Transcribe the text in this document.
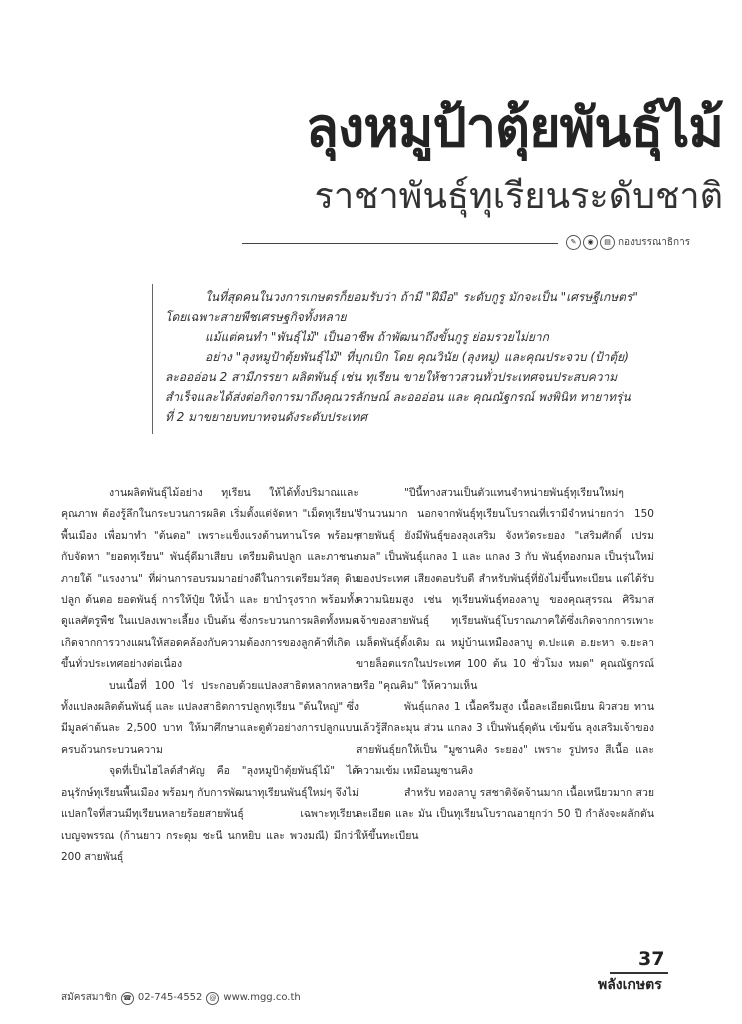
ลุงหมูป้าตุ้ยพันธุ์ไม้
ราชาพันธุ์ทุเรียนระดับชาติ
✎	◉	▤ กองบรรณาธิการ

ในที่สุดคนในวงการเกษตรก็ยอมรับว่า ถ้ามี "ฝีมือ" ระดับกูรู มักจะเป็น "เศรษฐีเกษตร"

โดยเฉพาะสายพืชเศรษฐกิจทั้งหลาย

แม้แต่คนทำ "พันธุ์ไม้" เป็นอาชีพ ถ้าพัฒนาถึงขั้นกูรู ย่อมรวยไม่ยาก

อย่าง "ลุงหมูป้าตุ้ยพันธุ์ไม้" ที่บุกเบิก โดย คุณวินัย (ลุงหมู) และคุณประจวบ (ป้าตุ้ย)

ละอออ่อน 2 สามีภรรยา ผลิตพันธุ์ เช่น ทุเรียน ขายให้ชาวสวนทั่วประเทศจนประสบความ

สำเร็จและได้ส่งต่อกิจการมาถึงคุณวรลักษณ์ ละอออ่อน และ คุณณัฐกรณ์ พงพินิท ทายาทรุ่น

ที่ 2 มาขยายบทบาทจนดังระดับประเทศ

งานผลิตพันธุ์ไม้อย่าง ทุเรียน ให้ได้ทั้งปริมาณและคุณภาพ ต้องรู้ลึกในกระบวนการผลิต เริ่มตั้งแต่จัดหา "เม็ดทุเรียน" พื้นเมือง เพื่อมาทำ "ต้นตอ" เพราะแข็งแรงต้านทานโรค พร้อมๆ กับจัดหา "ยอดทุเรียน" พันธุ์ดีมาเสียบ เตรียมดินปลูก และภาชนะ ภายใต้ "แรงงาน" ที่ผ่านการอบรมมาอย่างดีในการเตรียมวัสดุ ดินปลูก ต้นตอ ยอดพันธุ์ การให้ปุ๋ย ให้น้ำ และ ยาบำรุงราก พร้อมทั้งดูแลศัตรูพืช ในแปลงเพาะเลี้ยง เป็นต้น ซึ่งกระบวนการผลิตทั้งหมดเกิดจากการวางแผนให้สอดคล้องกับความต้องการของลูกค้าที่เกิดขึ้นทั่วประเทศอย่างต่อเนื่อง

บนเนื้อที่ 100 ไร่ ประกอบด้วยแปลงสาธิตหลากหลาย ทั้งแปลงผลิตต้นพันธุ์ และ แปลงสาธิตการปลูกทุเรียน "ต้นใหญ่" ซึ่งมีมูลค่าต้นละ 2,500 บาท ให้มาศึกษาและดูตัวอย่างการปลูกแบบครบถ้วนกระบวนความ

จุดที่เป็นไฮไลต์สำคัญ คือ "ลุงหมูป้าตุ้ยพันธุ์ไม้" ได้อนุรักษ์ทุเรียนพื้นเมือง พร้อมๆ กับการพัฒนาทุเรียนพันธุ์ใหม่ๆ จึงไม่แปลกใจที่สวนมีทุเรียนหลายร้อยสายพันธุ์ เฉพาะทุเรียนเบญจพรรณ (ก้านยาว กระดุม ชะนี นกหยิบ และ พวงมณี) มีกว่า 200 สายพันธุ์

"ปีนี้ทางสวนเป็นตัวแทนจำหน่ายพันธุ์ทุเรียนใหม่ๆ จำนวนมาก นอกจากพันธุ์ทุเรียนโบราณที่เรามีจำหน่ายกว่า 150 สายพันธุ์ ยังมีพันธุ์ของลุงเสริม จังหวัดระยอง "เสริมศักดิ์ เปรมกมล" เป็นพันธุ์แกลง 1 และ แกลง 3 กับ พันธุ์ทองกมล เป็นรุ่นใหม่ของประเทศ เสียงตอบรับดี สำหรับพันธุ์ที่ยังไม่ขึ้นทะเบียน แต่ได้รับความนิยมสูง เช่น ทุเรียนพันธุ์ทองลาบู ของคุณสุรรณ ศิริมาส เจ้าของสายพันธุ์ ทุเรียนพันธุ์โบราณภาคใต้ซึ่งเกิดจากการเพาะเมล็ดพันธุ์ดั้งเดิม ณ หมู่บ้านเหมืองลาบู ต.ปะแต อ.ยะหา จ.ยะลา ขายล็อตแรกในประเทศ 100 ต้น 10 ชั่วโมง หมด" คุณณัฐกรณ์ หรือ "คุณคิม" ให้ความเห็น

พันธุ์แกลง 1 เนื้อครีมสูง เนื้อละเอียดเนียน ผิวสวย ทานแล้วรู้สึกละมุน ส่วน แกลง 3 เป็นพันธุ์ดุดัน เข้มข้น ลุงเสริมเจ้าของสายพันธุ์ยกให้เป็น "มูซานคิง ระยอง" เพราะ รูปทรง สีเนื้อ และ ความเข้ม เหมือนมูซานคิง

สำหรับ ทองลาบู รสชาติจัดจ้านมาก เนื้อเหนียวมาก สวย ละเอียด และ มัน เป็นทุเรียนโบราณอายุกว่า 50 ปี กำลังจะผลักดันให้ขึ้นทะเบียน

37
พลังเกษตร
สมัครสมาชิก ☎ 02-745-4552	@ www.mgg.co.th
